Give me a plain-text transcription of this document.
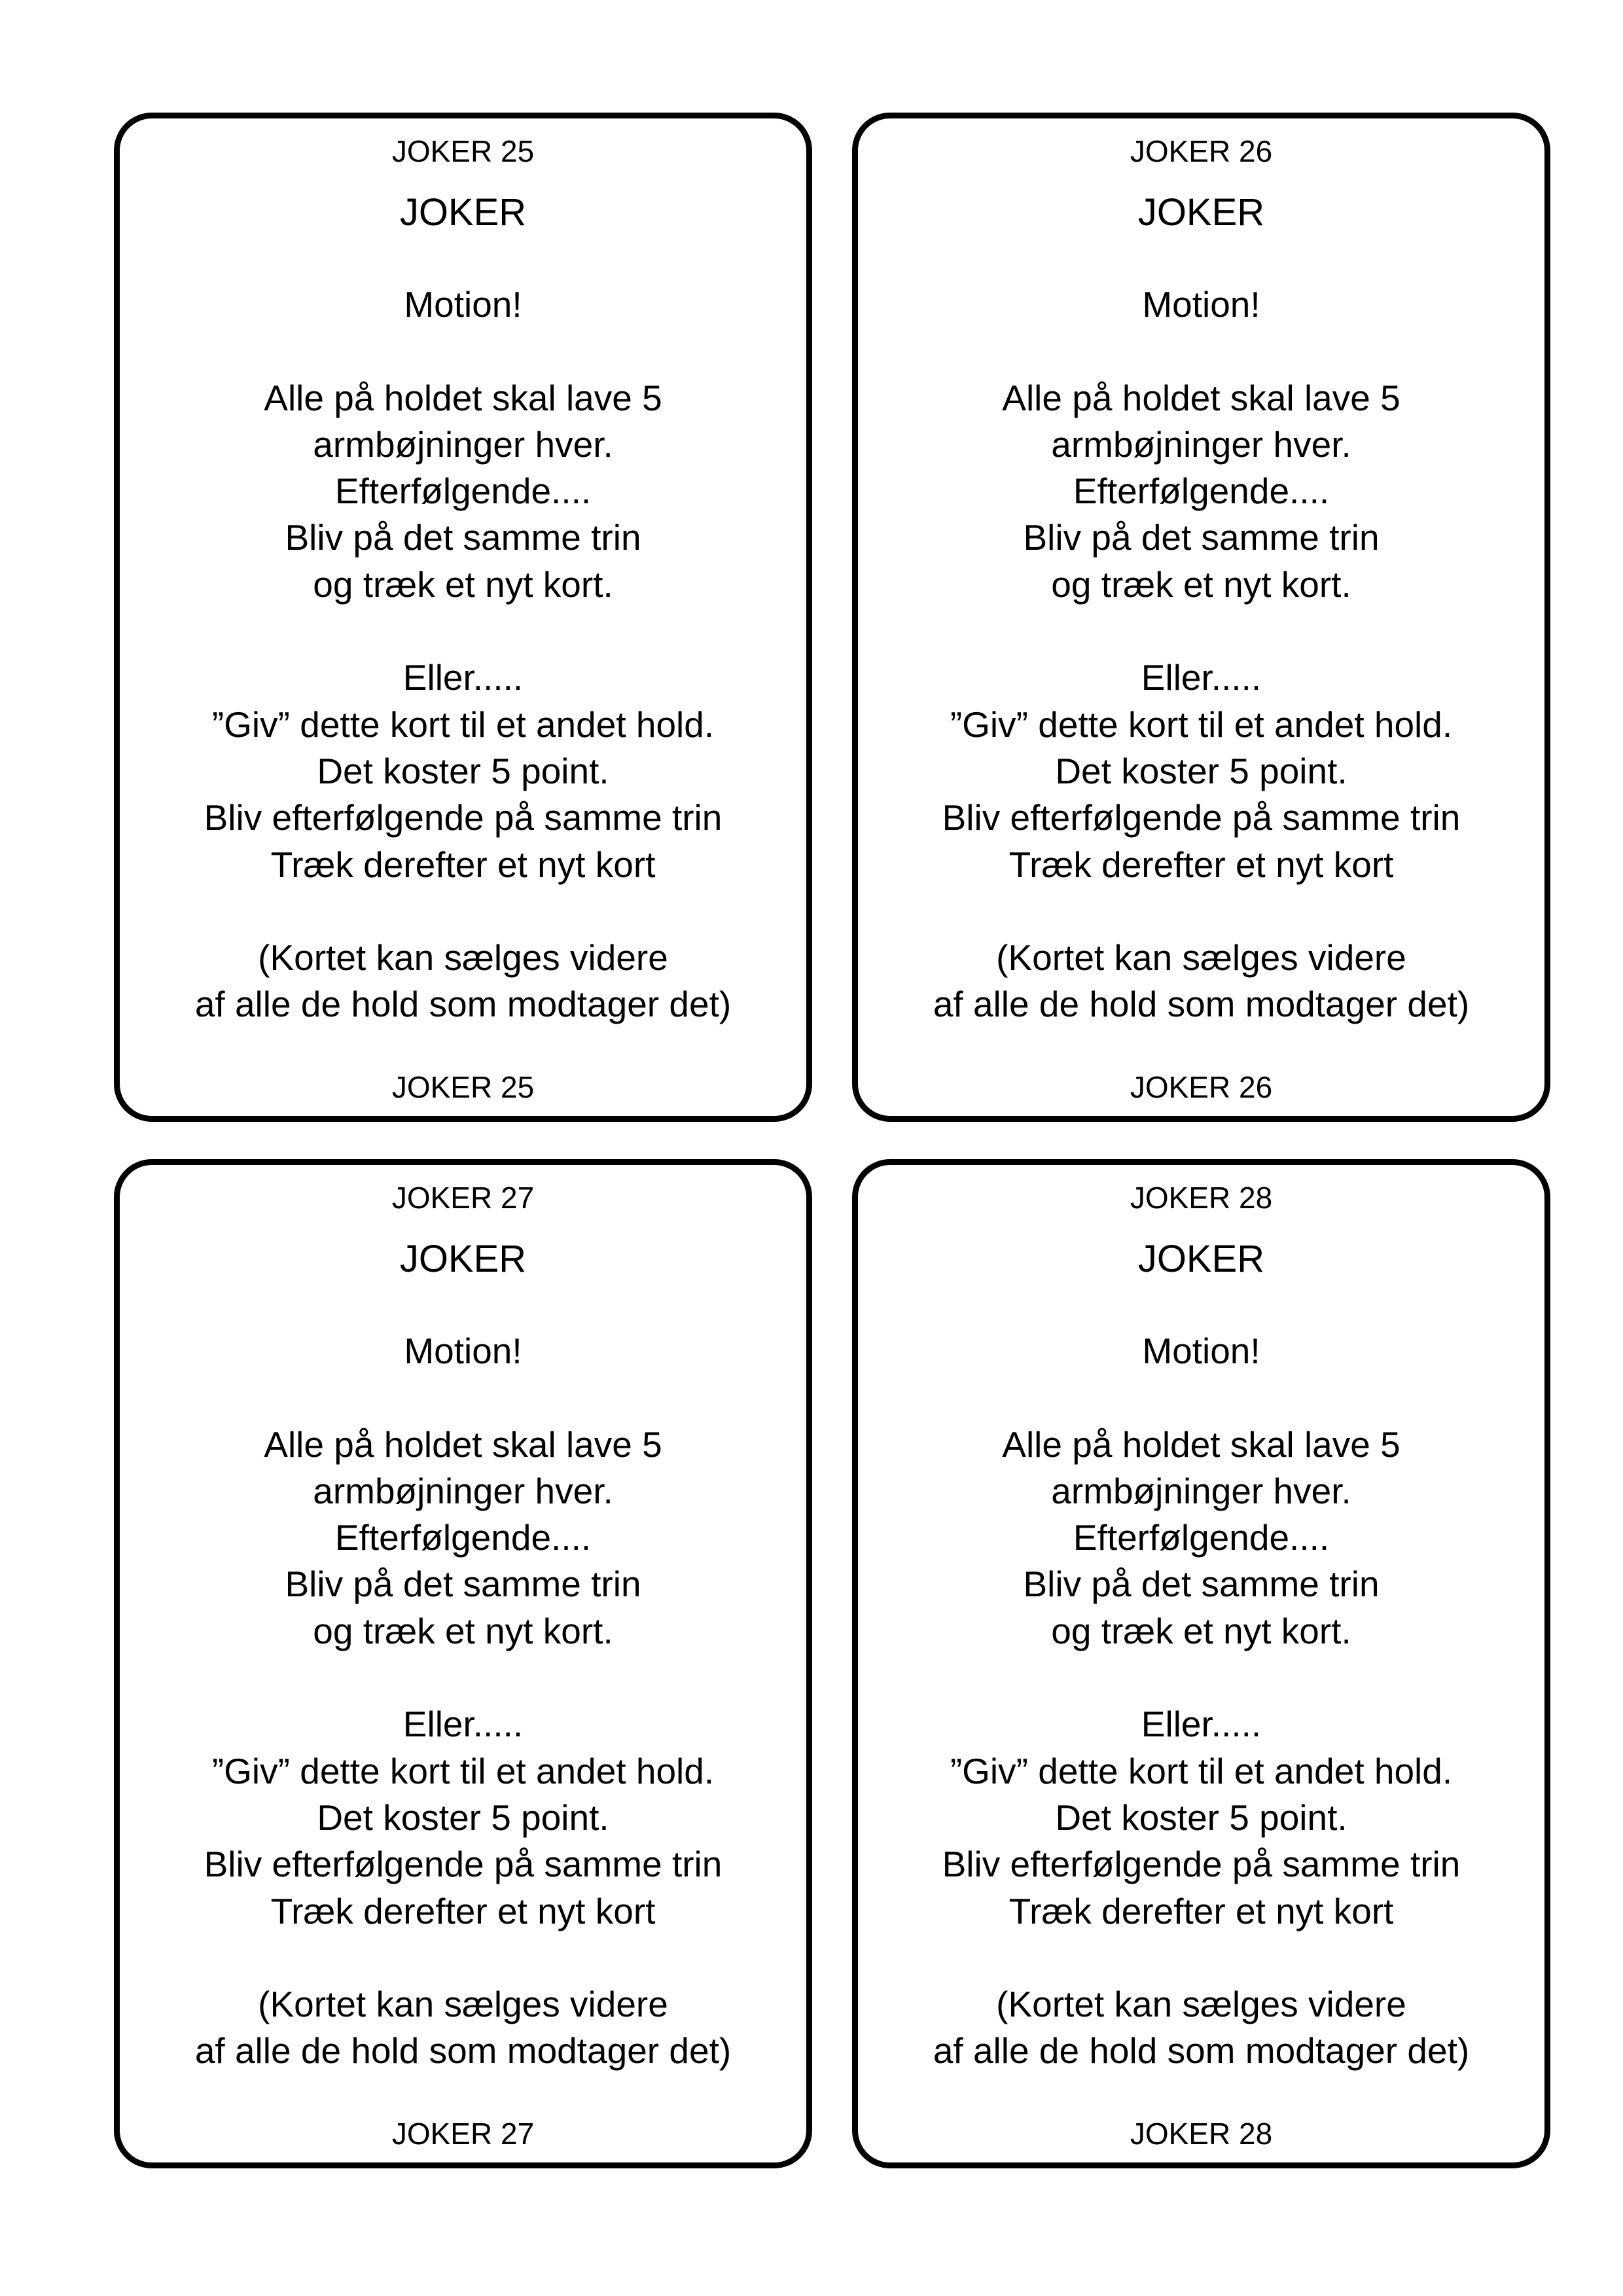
JOKER 25
JOKER
Motion!
Alle på holdet skal lave 5
armbøjninger hver.
Efterfølgende....
Bliv på det samme trin
og træk et nyt kort.
Eller.....
”Giv” dette kort til et andet hold.
Det koster 5 point.
Bliv efterfølgende på samme trin
Træk derefter et nyt kort
(Kortet kan sælges videre
af alle de hold som modtager det)
JOKER 25
JOKER 26
JOKER
Motion!
Alle på holdet skal lave 5
armbøjninger hver.
Efterfølgende....
Bliv på det samme trin
og træk et nyt kort.
Eller.....
”Giv” dette kort til et andet hold.
Det koster 5 point.
Bliv efterfølgende på samme trin
Træk derefter et nyt kort
(Kortet kan sælges videre
af alle de hold som modtager det)
JOKER 26
JOKER 27
JOKER
Motion!
Alle på holdet skal lave 5
armbøjninger hver.
Efterfølgende....
Bliv på det samme trin
og træk et nyt kort.
Eller.....
”Giv” dette kort til et andet hold.
Det koster 5 point.
Bliv efterfølgende på samme trin
Træk derefter et nyt kort
(Kortet kan sælges videre
af alle de hold som modtager det)
JOKER 27
JOKER 28
JOKER
Motion!
Alle på holdet skal lave 5
armbøjninger hver.
Efterfølgende....
Bliv på det samme trin
og træk et nyt kort.
Eller.....
”Giv” dette kort til et andet hold.
Det koster 5 point.
Bliv efterfølgende på samme trin
Træk derefter et nyt kort
(Kortet kan sælges videre
af alle de hold som modtager det)
JOKER 28
